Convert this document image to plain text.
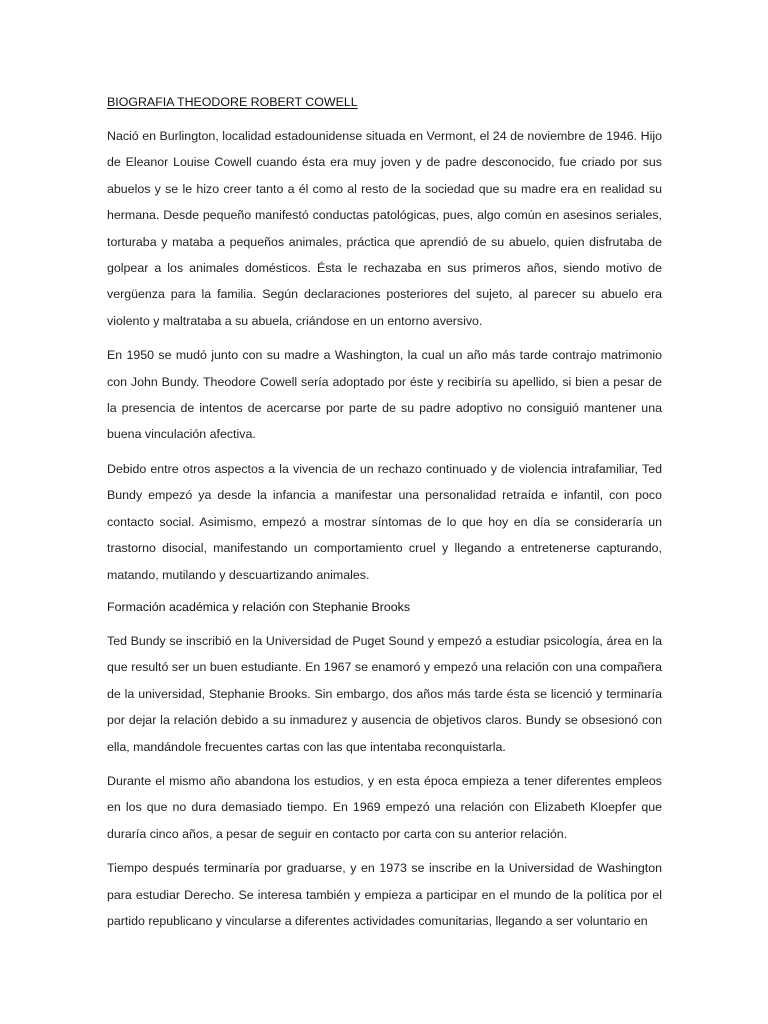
BIOGRAFIA THEODORE ROBERT COWELL

Nació en Burlington, localidad estadounidense situada en Vermont, el 24 de noviembre de 1946. Hijo de Eleanor Louise Cowell cuando ésta era muy joven y de padre desconocido, fue criado por sus abuelos y se le hizo creer tanto a él como al resto de la sociedad que su madre era en realidad su hermana. Desde pequeño manifestó conductas patológicas, pues, algo común en asesinos seriales, torturaba y mataba a pequeños animales, práctica que aprendió de su abuelo, quien disfrutaba de golpear a los animales domésticos. Ésta le rechazaba en sus primeros años, siendo motivo de vergüenza para la familia. Según declaraciones posteriores del sujeto, al parecer su abuelo era violento y maltrataba a su abuela, criándose en un entorno aversivo.

En 1950 se mudó junto con su madre a Washington, la cual un año más tarde contrajo matrimonio con John Bundy. Theodore Cowell sería adoptado por éste y recibiría su apellido, si bien a pesar de la presencia de intentos de acercarse por parte de su padre adoptivo no consiguió mantener una buena vinculación afectiva.

Debido entre otros aspectos a la vivencia de un rechazo continuado y de violencia intrafamiliar, Ted Bundy empezó ya desde la infancia a manifestar una personalidad retraída e infantil, con poco contacto social. Asimismo, empezó a mostrar síntomas de lo que hoy en día se consideraría un trastorno disocial, manifestando un comportamiento cruel y llegando a entretenerse capturando, matando, mutilando y descuartizando animales.

Formación académica y relación con Stephanie Brooks

Ted Bundy se inscribió en la Universidad de Puget Sound y empezó a estudiar psicología, área en la que resultó ser un buen estudiante. En 1967 se enamoró y empezó una relación con una compañera de la universidad, Stephanie Brooks. Sin embargo, dos años más tarde ésta se licenció y terminaría por dejar la relación debido a su inmadurez y ausencia de objetivos claros. Bundy se obsesionó con ella, mandándole frecuentes cartas con las que intentaba reconquistarla.

Durante el mismo año abandona los estudios, y en esta época empieza a tener diferentes empleos en los que no dura demasiado tiempo. En 1969 empezó una relación con Elizabeth Kloepfer que duraría cinco años, a pesar de seguir en contacto por carta con su anterior relación.

Tiempo después terminaría por graduarse, y en 1973 se inscribe en la Universidad de Washington para estudiar Derecho. Se interesa también y empieza a participar en el mundo de la política por el partido republicano y vincularse a diferentes actividades comunitarias, llegando a ser voluntario en
